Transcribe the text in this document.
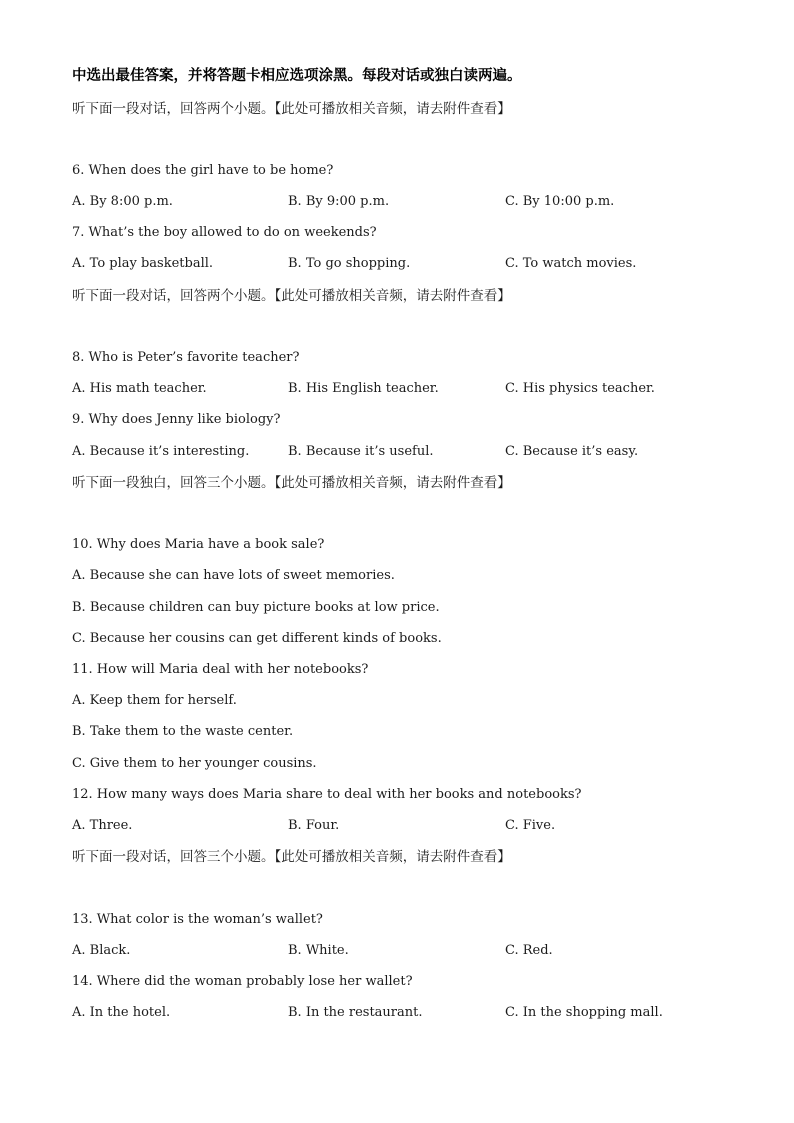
中选出最佳答案，并将答题卡相应选项涂黑。每段对话或独白读两遍。
听下面一段对话，回答两个小题。【此处可播放相关音频，请去附件查看】
6. When does the girl have to be home?
A. By 8:00 p.m.	B. By 9:00 p.m.	C. By 10:00 p.m.
7. What’s the boy allowed to do on weekends?
A. To play basketball.	B. To go shopping.	C. To watch movies.
听下面一段对话，回答两个小题。【此处可播放相关音频，请去附件查看】
8. Who is Peter’s favorite teacher?
A. His math teacher.	B. His English teacher.	C. His physics teacher.
9. Why does Jenny like biology?
A. Because it’s interesting.	B. Because it’s useful.	C. Because it’s easy.
听下面一段独白，回答三个小题。【此处可播放相关音频，请去附件查看】
10. Why does Maria have a book sale?
A. Because she can have lots of sweet memories.
B. Because children can buy picture books at low price.
C. Because her cousins can get different kinds of books.
11. How will Maria deal with her notebooks?
A. Keep them for herself.
B. Take them to the waste center.
C. Give them to her younger cousins.
12. How many ways does Maria share to deal with her books and notebooks?
A. Three.	B. Four.	C. Five.
听下面一段对话，回答三个小题。【此处可播放相关音频，请去附件查看】
13. What color is the woman’s wallet?
A. Black.	B. White.	C. Red.
14. Where did the woman probably lose her wallet?
A. In the hotel.	B. In the restaurant.	C. In the shopping mall.
